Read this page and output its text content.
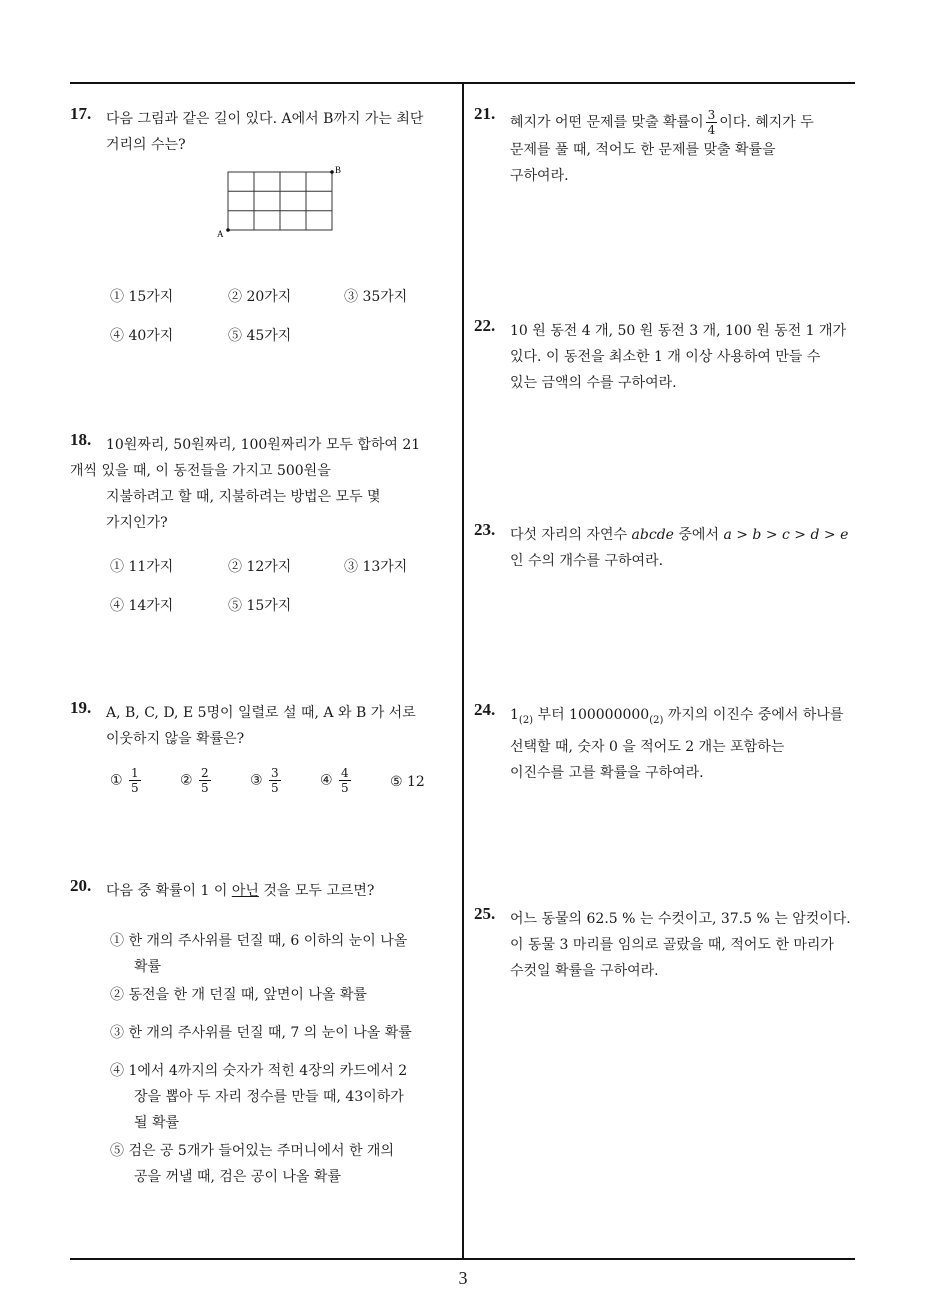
17. 다음 그림과 같은 길이 있다. A에서 B까지 가는 최단
거리의 수는?
A
B
① 15가지	② 20가지	③ 35가지
④ 40가지	⑤ 45가지
18. 10원짜리, 50원짜리, 100원짜리가 모두 합하여 21
개씩 있을 때, 이 동전들을 가지고 500원을
지불하려고 할 때, 지불하려는 방법은 모두 몇
가지인가?
① 11가지	② 12가지	③ 13가지
④ 14가지	⑤ 15가지
19. A, B, C, D, E 5명이 일렬로 설 때, A 와 B 가 서로
이웃하지 않을 확률은?
① $\frac{1}{5}$	② $\frac{2}{5}$	③ $\frac{3}{5}$	④ $\frac{4}{5}$	⑤ 12
20. 다음 중 확률이 1 이 아닌 것을 모두 고르면?
① 한 개의 주사위를 던질 때, 6 이하의 눈이 나올
확률
② 동전을 한 개 던질 때, 앞면이 나올 확률
③ 한 개의 주사위를 던질 때, 7 의 눈이 나올 확률
④ 1에서 4까지의 숫자가 적힌 4장의 카드에서 2
장을 뽑아 두 자리 정수를 만들 때, 43이하가
될 확률
⑤ 검은 공 5개가 들어있는 주머니에서 한 개의
공을 꺼낼 때, 검은 공이 나올 확률
21. 혜지가 어떤 문제를 맞출 확률이 $\frac{3}{4}$ 이다. 혜지가 두
문제를 풀 때, 적어도 한 문제를 맞출 확률을
구하여라.
22. 10 원 동전 4 개, 50 원 동전 3 개, 100 원 동전 1 개가
있다. 이 동전을 최소한 1 개 이상 사용하여 만들 수
있는 금액의 수를 구하여라.
23. 다섯 자리의 자연수 abcde 중에서 a > b > c > d > e
인 수의 개수를 구하여라.
24. $1_{(2)}$ 부터 $100000000_{(2)}$ 까지의 이진수 중에서 하나를
선택할 때, 숫자 0 을 적어도 2 개는 포함하는
이진수를 고를 확률을 구하여라.
25. 어느 동물의 62.5 % 는 수컷이고, 37.5 % 는 암컷이다.
이 동물 3 마리를 임의로 골랐을 때, 적어도 한 마리가
수컷일 확률을 구하여라.
3
